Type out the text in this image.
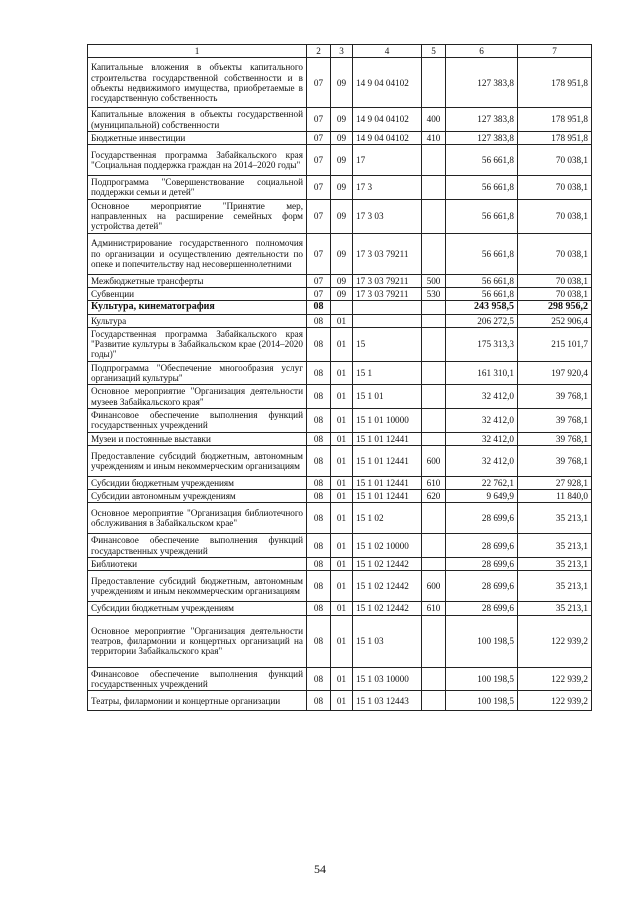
1	2	3	4	5	6	7
Капитальные вложения в объекты капитального строительства государственной собственности и в объекты недвижимого имущества, приобретаемые в государственную собственность	07	09	14 9 04 04102		127 383,8	178 951,8
Капитальные вложения в объекты государственной (муниципальной) собственности	07	09	14 9 04 04102	400	127 383,8	178 951,8
Бюджетные инвестиции	07	09	14 9 04 04102	410	127 383,8	178 951,8
Государственная программа Забайкальского края "Социальная поддержка граждан на 2014–2020 годы"	07	09	17		56 661,8	70 038,1
Подпрограмма "Совершенствование социальной поддержки семьи и детей"	07	09	17 3		56 661,8	70 038,1
Основное мероприятие "Принятие мер, направленных на расширение семейных форм устройства детей"	07	09	17 3 03		56 661,8	70 038,1
Администрирование государственного полномочия по организации и осуществлению деятельности по опеке и попечительству над несовершеннолетними	07	09	17 3 03 79211		56 661,8	70 038,1
Межбюджетные трансферты	07	09	17 3 03 79211	500	56 661,8	70 038,1
Субвенции	07	09	17 3 03 79211	530	56 661,8	70 038,1
Культура, кинематография	08				243 958,5	298 956,2
Культура	08	01			206 272,5	252 906,4
Государственная программа Забайкальского края "Развитие культуры в Забайкальском крае (2014–2020 годы)"	08	01	15		175 313,3	215 101,7
Подпрограмма "Обеспечение многообразия услуг организаций культуры"	08	01	15 1		161 310,1	197 920,4
Основное мероприятие "Организация деятельности музеев Забайкальского края"	08	01	15 1 01		32 412,0	39 768,1
Финансовое обеспечение выполнения функций государственных учреждений	08	01	15 1 01 10000		32 412,0	39 768,1
Музеи и постоянные выставки	08	01	15 1 01 12441		32 412,0	39 768,1
Предоставление субсидий бюджетным, автономным учреждениям и иным некоммерческим организациям	08	01	15 1 01 12441	600	32 412,0	39 768,1
Субсидии бюджетным учреждениям	08	01	15 1 01 12441	610	22 762,1	27 928,1
Субсидии автономным учреждениям	08	01	15 1 01 12441	620	9 649,9	11 840,0
Основное мероприятие "Организация библиотечного обслуживания в Забайкальском крае"	08	01	15 1 02		28 699,6	35 213,1
Финансовое обеспечение выполнения функций государственных учреждений	08	01	15 1 02 10000		28 699,6	35 213,1
Библиотеки	08	01	15 1 02 12442		28 699,6	35 213,1
Предоставление субсидий бюджетным, автономным учреждениям и иным некоммерческим организациям	08	01	15 1 02 12442	600	28 699,6	35 213,1
Субсидии бюджетным учреждениям	08	01	15 1 02 12442	610	28 699,6	35 213,1
Основное мероприятие "Организация деятельности театров, филармонии и концертных организаций на территории Забайкальского края"	08	01	15 1 03		100 198,5	122 939,2
Финансовое обеспечение выполнения функций государственных учреждений	08	01	15 1 03 10000		100 198,5	122 939,2
Театры, филармонии и концертные организации	08	01	15 1 03 12443		100 198,5	122 939,2
54
